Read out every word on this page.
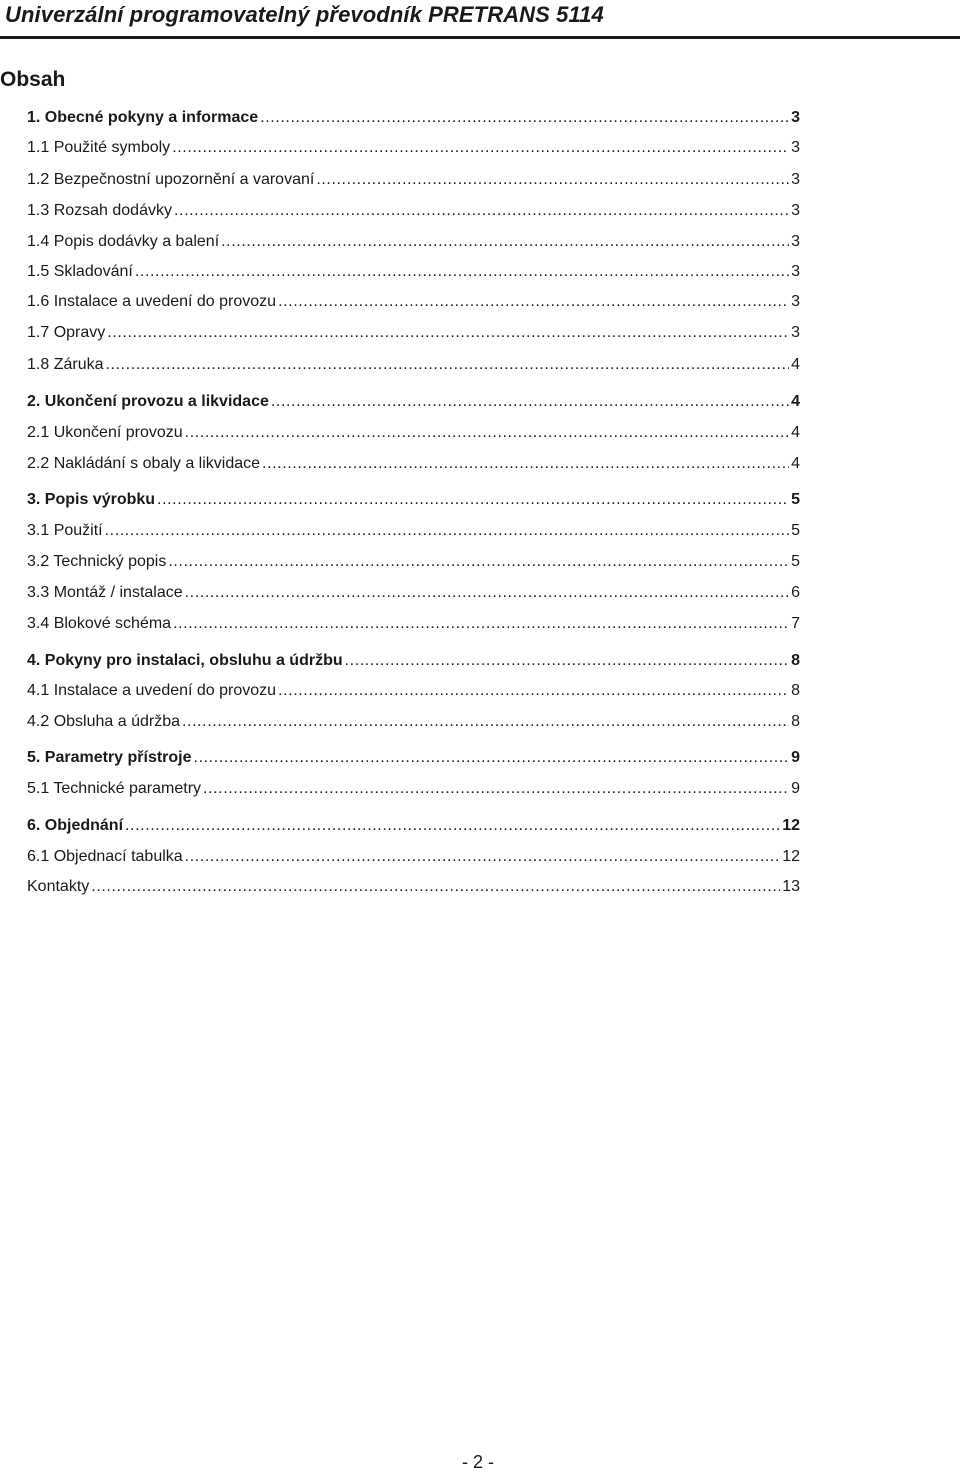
Univerzální programovatelný převodník PRETRANS 5114
Obsah
1. Obecné pokyny a informace .....	3
1.1 Použité symboly .....	3
1.2 Bezpečnostní upozornění a varovaní .....	3
1.3 Rozsah dodávky .....	3
1.4 Popis dodávky a balení .....	3
1.5 Skladování .....	3
1.6 Instalace a uvedení do provozu .....	3
1.7 Opravy .....	3
1.8 Záruka .....	4
2. Ukončení provozu a likvidace .....	4
2.1 Ukončení provozu .....	4
2.2 Nakládání s obaly a likvidace .....	4
3. Popis výrobku .....	5
3.1 Použití .....	5
3.2 Technický popis .....	5
3.3 Montáž / instalace .....	6
3.4 Blokové schéma .....	7
4. Pokyny pro instalaci, obsluhu a údržbu .....	8
4.1 Instalace a uvedení do provozu .....	8
4.2 Obsluha a údržba .....	8
5. Parametry přístroje .....	9
5.1 Technické parametry .....	9
6. Objednání .....	12
6.1 Objednací tabulka .....	12
Kontakty .....	13
- 2 -
